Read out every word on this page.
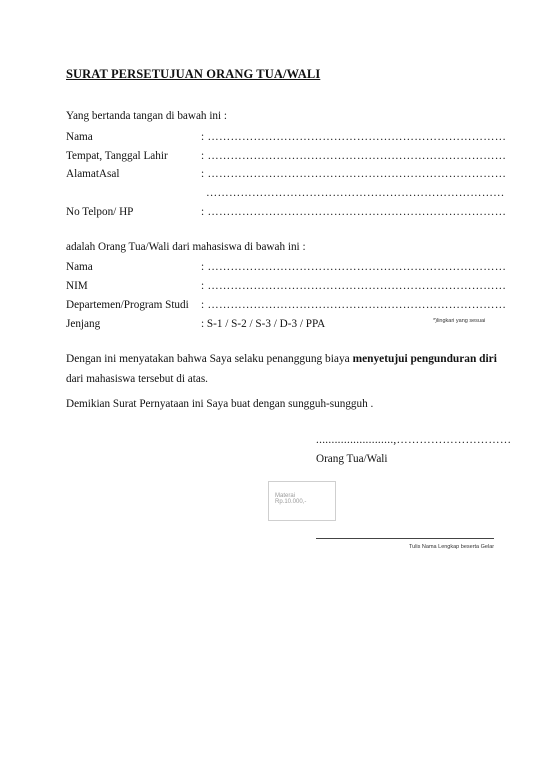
SURAT PERSETUJUAN ORANG TUA/WALI
Yang bertanda tangan di bawah ini :
Nama	: ……………………………………………………………………
Tempat, Tanggal Lahir	: ……………………………………………………………………
AlamatAsal	: ……………………………………………………………………
……………………………………………………………………
No Telpon/ HP	: ……………………………………………………………………
adalah Orang Tua/Wali dari mahasiswa di bawah ini :
Nama	: ……………………………………………………………………
NIM	: ……………………………………………………………………
Departemen/Program Studi : ……………………………………………………………………
Jenjang	: S-1 / S-2 / S-3 / D-3 / PPA	*)lingkari yang sesuai
Dengan ini menyatakan bahwa Saya selaku penanggung biaya menyetujui pengunduran diri
dari mahasiswa tersebut di atas.
Demikian Surat Pernyataan ini Saya buat dengan sungguh-sungguh .
.........................,…………………………
Orang Tua/Wali
Materai
Rp.10.000,-
Tulis Nama Lengkap beserta Gelar
